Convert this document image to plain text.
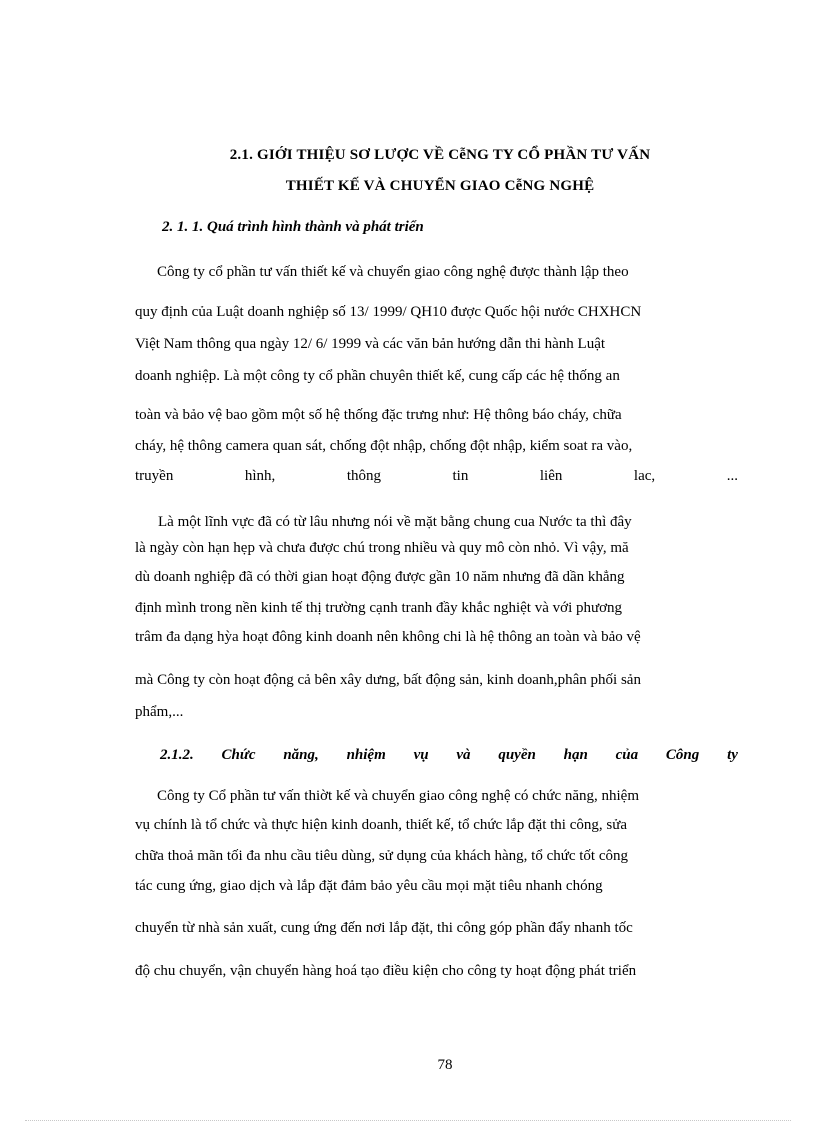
2.1. GIỚI THIỆU SƠ LƯỢC VỀ CễNG TY CỔ PHẦN TƯ VẤN
THIẾT KẾ VÀ CHUYỂN GIAO CễNG NGHỆ
2. 1. 1. Quá trình hình thành và phát triển
Công ty cổ phần tư vấn thiết kế và chuyển giao công nghệ được thành lập theo
quy định của Luật doanh nghiệp số 13/ 1999/ QH10 được Quốc hội nước CHXHCN
Việt Nam thông qua ngày 12/ 6/ 1999 và các văn bản hướng dẫn thi hành Luật
doanh nghiệp. Là một công ty cổ phần chuyên thiết kế, cung cấp các hệ thống an
toàn và bảo vệ bao gồm một số hệ thống đặc trưng như: Hệ thông báo cháy, chữa
cháy, hệ thông camera quan sát, chống đột nhập, chống đột nhập, kiểm soat ra vào,
truyền	hình,	thông	tin	liên	lac,	...
Là một lĩnh vực đã có từ lâu nhưng nói về mặt bằng chung cua Nước ta thì đây
là ngày còn hạn hẹp và chưa được chú trong nhiều và quy mô còn nhỏ. Vì vậy, mă
dù doanh nghiệp đã có thời gian hoạt động được gần 10 năm nhưng đã dần khẳng
định mình trong nền kinh tế thị trường cạnh tranh đầy khắc nghiệt và với phương
trâm đa dạng hỳa hoạt đông kinh doanh nên không chi là hệ thông an toàn và bảo vệ
mà Công ty còn hoạt động cả bên xây dưng, bất động sản, kinh doanh,phân phối sản
phẩm,...
2.1.2. Chức năng, nhiệm vụ và quyền hạn của Công ty
Công ty Cổ phần tư vấn thiờt kế và chuyển giao công nghệ có chức năng, nhiệm
vụ chính là tổ chức và thực hiện kinh doanh, thiết kế, tổ chức lắp đặt thi công, sửa
chữa thoả mãn tối đa nhu cầu tiêu dùng, sử dụng của khách hàng, tổ chức tốt công
tác cung ứng, giao dịch và lắp đặt đảm bảo yêu cầu mọi mặt tiêu nhanh chóng
chuyển từ nhà sản xuất, cung ứng đến nơi lắp đặt, thi công góp phần đẩy nhanh tốc
độ chu chuyển, vận chuyển hàng hoá tạo điều kiện cho công ty hoạt động phát triển
78
